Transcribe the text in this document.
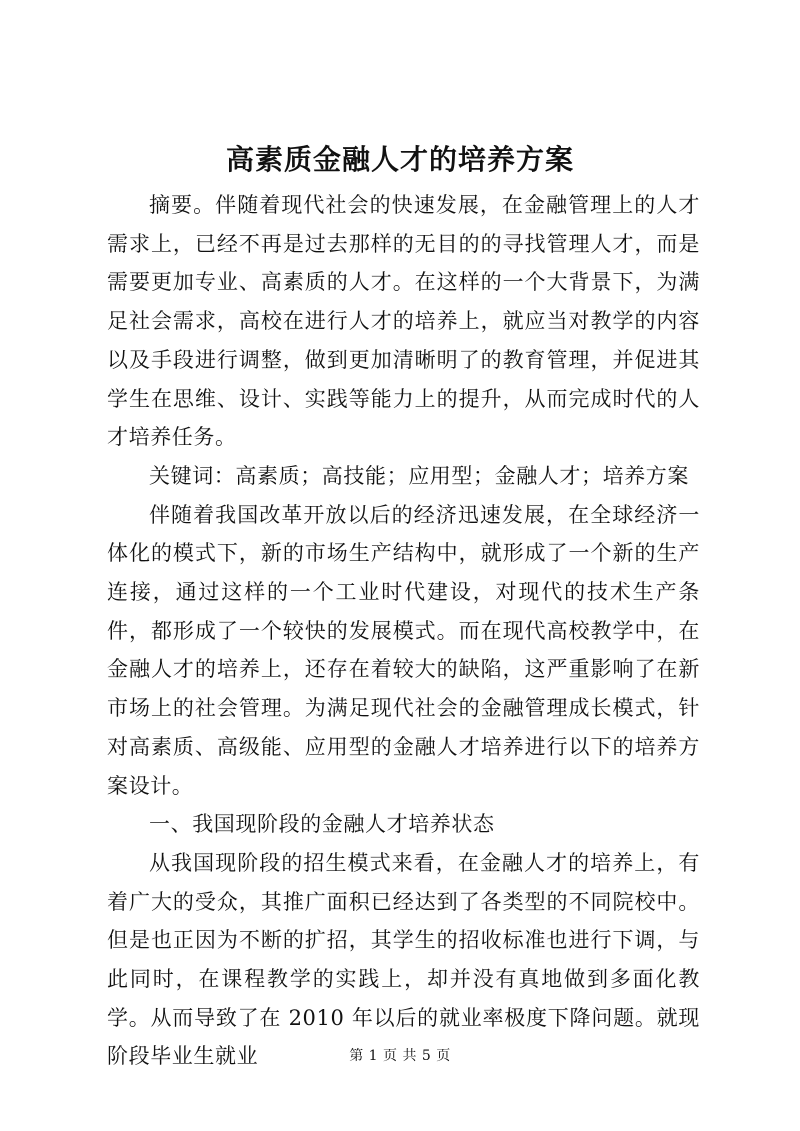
高素质金融人才的培养方案

摘要。伴随着现代社会的快速发展，在金融管理上的人才需求上，已经不再是过去那样的无目的的寻找管理人才，而是需要更加专业、高素质的人才。在这样的一个大背景下，为满足社会需求，高校在进行人才的培养上，就应当对教学的内容以及手段进行调整，做到更加清晰明了的教育管理，并促进其学生在思维、设计、实践等能力上的提升，从而完成时代的人才培养任务。

关键词：高素质；高技能；应用型；金融人才；培养方案

伴随着我国改革开放以后的经济迅速发展，在全球经济一体化的模式下，新的市场生产结构中，就形成了一个新的生产连接，通过这样的一个工业时代建设，对现代的技术生产条件，都形成了一个较快的发展模式。而在现代高校教学中，在金融人才的培养上，还存在着较大的缺陷，这严重影响了在新市场上的社会管理。为满足现代社会的金融管理成长模式，针对高素质、高级能、应用型的金融人才培养进行以下的培养方案设计。

一、我国现阶段的金融人才培养状态

从我国现阶段的招生模式来看，在金融人才的培养上，有着广大的受众，其推广面积已经达到了各类型的不同院校中。但是也正因为不断的扩招，其学生的招收标准也进行下调，与此同时，在课程教学的实践上，却并没有真地做到多面化教学。从而导致了在 2010 年以后的就业率极度下降问题。就现阶段毕业生就业	第 1 页 共 5 页
